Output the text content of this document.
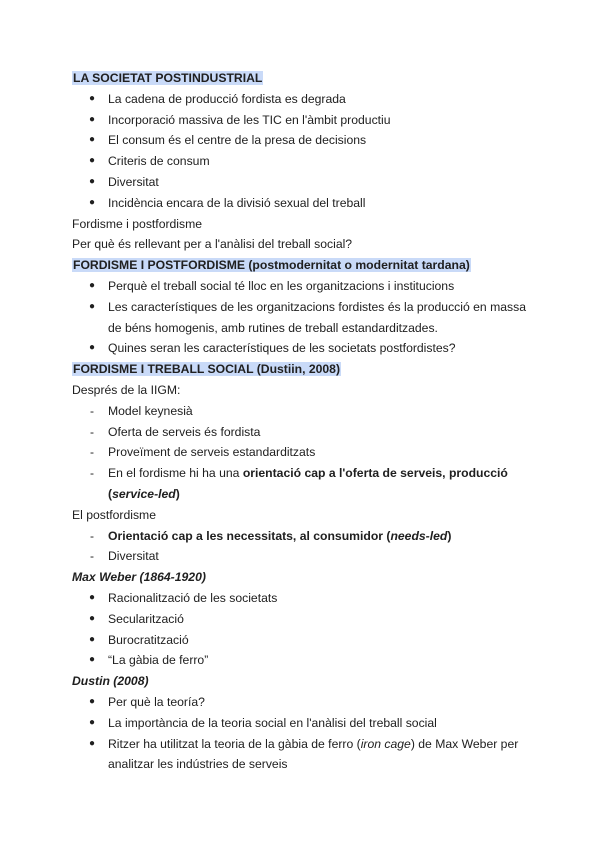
LA SOCIETAT POSTINDUSTRIAL
● La cadena de producció fordista es degrada
● Incorporació massiva de les TIC en l'àmbit productiu
● El consum és el centre de la presa de decisions
● Criteris de consum
● Diversitat
● Incidència encara de la divisió sexual del treball
Fordisme i postfordisme
Per què és rellevant per a l'anàlisi del treball social?
FORDISME I POSTFORDISME (postmodernitat o modernitat tardana)
● Perquè el treball social té lloc en les organitzacions i institucions
● Les característiques de les organitzacions fordistes és la producció en massa de béns homogenis, amb rutines de treball estandarditzades.
● Quines seran les característiques de les societats postfordistes?
FORDISME I TREBALL SOCIAL (Dustiin, 2008)
Després de la IIGM:
- Model keynesià
- Oferta de serveis és fordista
- Proveïment de serveis estandarditzats
- En el fordisme hi ha una orientació cap a l'oferta de serveis, producció (service-led)
El postfordisme
- Orientació cap a les necessitats, al consumidor (needs-led)
- Diversitat
Max Weber (1864-1920)
● Racionalització de les societats
● Secularització
● Burocratització
● “La gàbia de ferro”
Dustin (2008)
● Per què la teoría?
● La importància de la teoria social en l'anàlisi del treball social
● Ritzer ha utilitzat la teoria de la gàbia de ferro (iron cage) de Max Weber per analitzar les indústries de serveis
